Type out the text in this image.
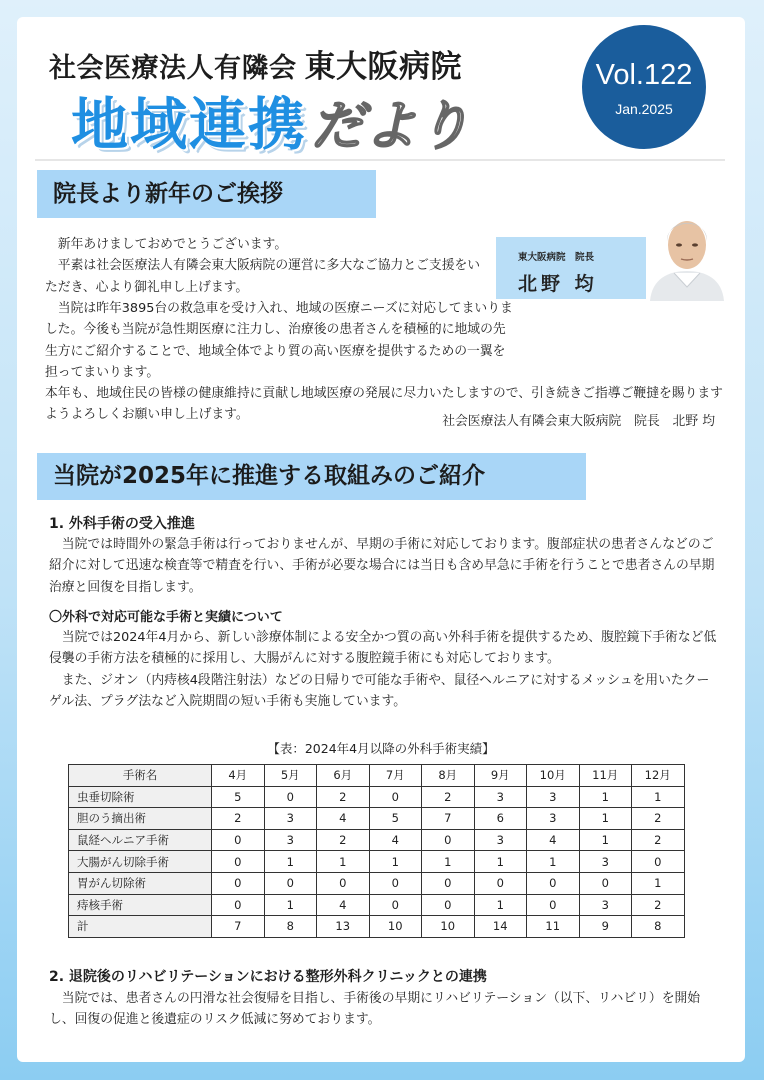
社会医療法人有隣会 東大阪病院
地域連携だより
Vol.122
Jan.2025
院長より新年のご挨拶

新年あけましておめでとうございます。

平素は社会医療法人有隣会東大阪病院の運営に多大なご協力とご支援をいただき、心より御礼申し上げます。

当院は昨年3895台の救急車を受け入れ、地域の医療ニーズに対応してまいりました。今後も当院が急性期医療に注力し、治療後の患者さんを積極的に地域の先生方にご紹介することで、地域全体でより質の高い医療を提供するための一翼を担ってまいります。

本年も、地域住民の皆様の健康維持に貢献し地域医療の発展に尽力いたしますので、引き続きご指導ご鞭撻を賜りますようよろしくお願い申し上げます。	社会医療法人有隣会東大阪病院　院長　北野 均
東大阪病院　院長
北野 均
当院が2025年に推進する取組みのご紹介
1. 外科手術の受入推進

当院では時間外の緊急手術は行っておりませんが、早期の手術に対応しております。腹部症状の患者さんなどのご紹介に対して迅速な検査等で精査を行い、手術が必要な場合には当日も含め早急に手術を行うことで患者さんの早期治療と回復を目指します。

〇外科で対応可能な手術と実績について

当院では2024年4月から、新しい診療体制による安全かつ質の高い外科手術を提供するため、腹腔鏡下手術など低侵襲の手術方法を積極的に採用し、大腸がんに対する腹腔鏡手術にも対応しております。

また、ジオン（内痔核4段階注射法）などの日帰りで可能な手術や、鼠径ヘルニアに対するメッシュを用いたクーゲル法、プラグ法など入院期間の短い手術も実施しています。

【表：2024年4月以降の外科手術実績】
手術名	4月	5月	6月	7月	8月	9月	10月	11月	12月
虫垂切除術	5	0	2	0	2	3	3	1	1
胆のう摘出術	2	3	4	5	7	6	3	1	2
鼠経ヘルニア手術	0	3	2	4	0	3	4	1	2
大腸がん切除手術	0	1	1	1	1	1	1	3	0
胃がん切除術	0	0	0	0	0	0	0	0	1
痔核手術	0	1	4	0	0	1	0	3	2
計	7	8	13	10	10	14	11	9	8
2. 退院後のリハビリテーションにおける整形外科クリニックとの連携

当院では、患者さんの円滑な社会復帰を目指し、手術後の早期にリハビリテーション（以下、リハビリ）を開始し、回復の促進と後遺症のリスク低減に努めております。
